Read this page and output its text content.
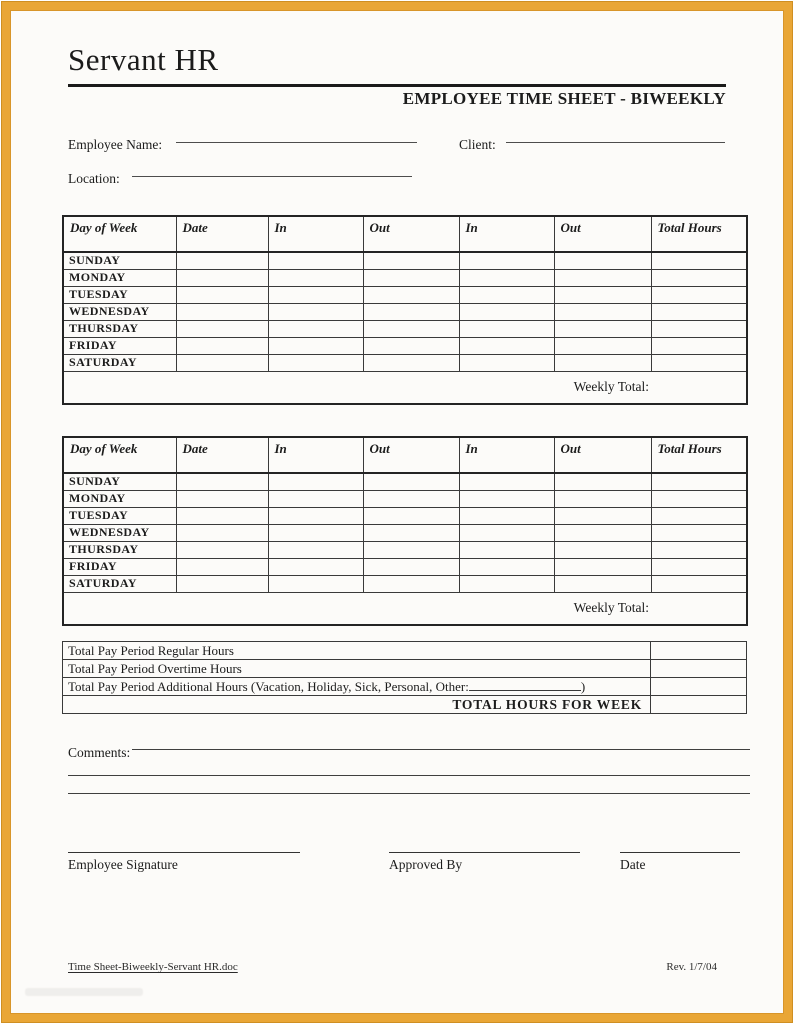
Servant HR
EMPLOYEE TIME SHEET - BIWEEKLY
Employee Name:	Client:
Location:
Day of Week	Date	In	Out	In	Out	Total Hours
SUNDAY						
MONDAY						
TUESDAY						
WEDNESDAY						
THURSDAY						
FRIDAY						
SATURDAY						
Weekly Total:						
Day of Week	Date	In	Out	In	Out	Total Hours
SUNDAY						
MONDAY						
TUESDAY						
WEDNESDAY						
THURSDAY						
FRIDAY						
SATURDAY						
Weekly Total:						
Total Pay Period Regular Hours	
Total Pay Period Overtime Hours	
Total Pay Period Additional Hours (Vacation, Holiday, Sick, Personal, Other: )	
TOTAL HOURS FOR WEEK	
Comments:
Employee Signature	Approved By	Date
Time Sheet-Biweekly-Servant HR.doc	Rev. 1/7/04
